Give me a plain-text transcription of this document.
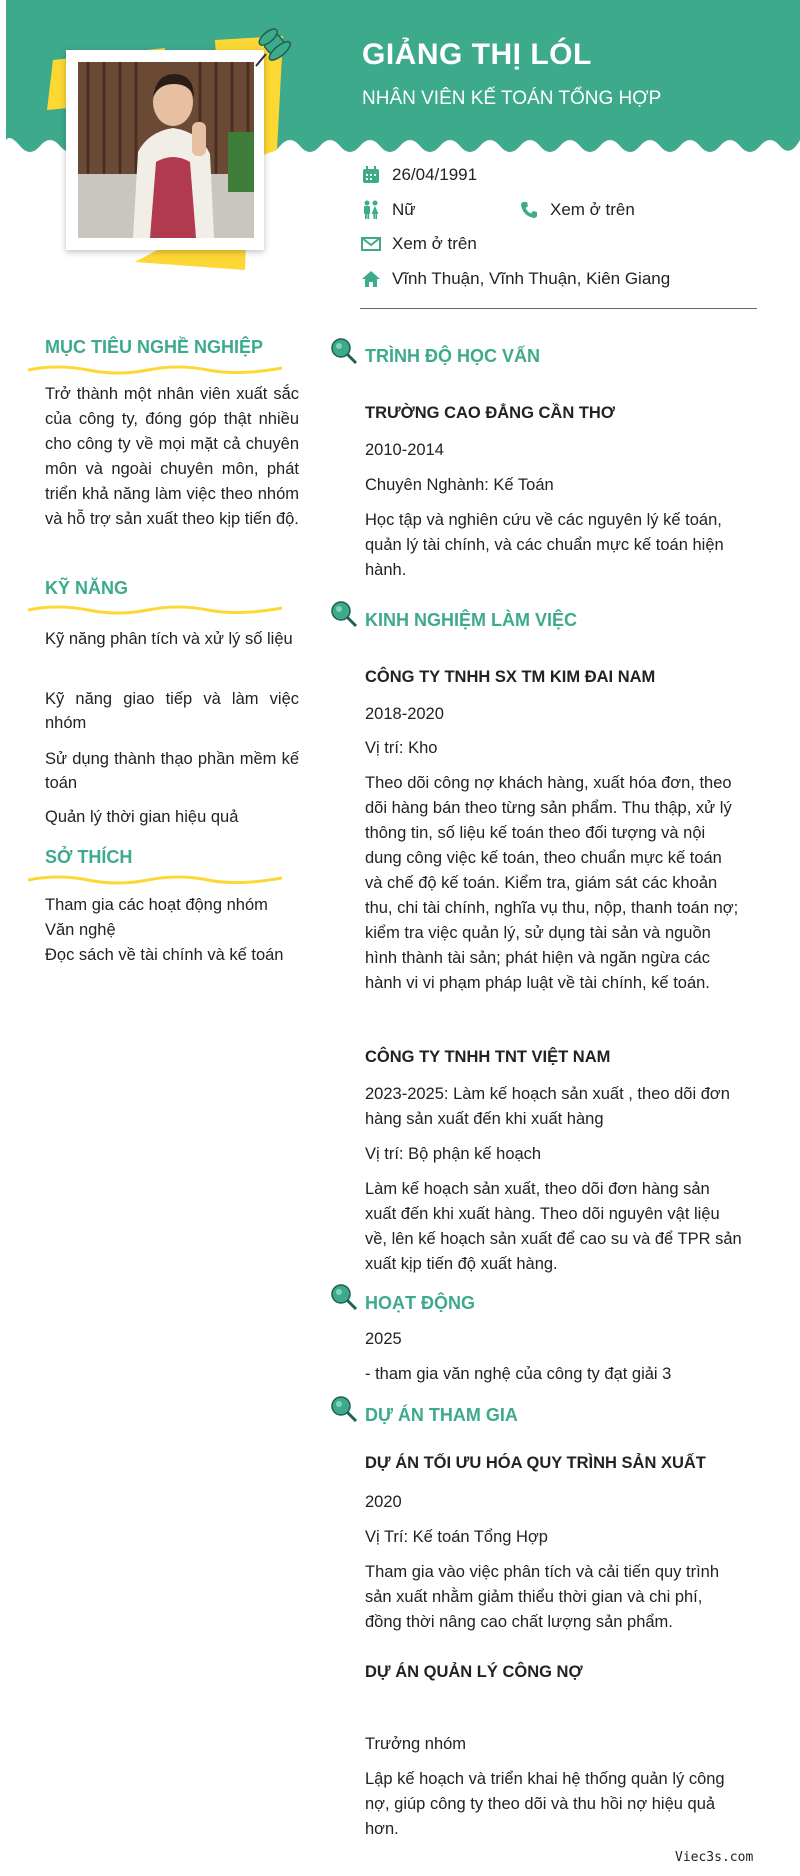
GIẢNG THỊ LÓL
NHÂN VIÊN KẾ TOÁN TỔNG HỢP
26/04/1991
Nữ	Xem ở trên
Xem ở trên
Vĩnh Thuận, Vĩnh Thuận, Kiên Giang
MỤC TIÊU NGHỀ NGHIỆP
Trở thành một nhân viên xuất sắc của công ty, đóng góp thật nhiều cho công ty về mọi mặt cả chuyên môn và ngoài chuyên môn, phát triển khả năng làm việc theo nhóm và hỗ trợ sản xuất theo kịp tiến độ.
KỸ NĂNG
Kỹ năng phân tích và xử lý số liệu
Kỹ năng giao tiếp và làm việc nhóm
Sử dụng thành thạo phần mềm kế toán
Quản lý thời gian hiệu quả
SỞ THÍCH
Tham gia các hoạt động nhóm
Văn nghệ
Đọc sách về tài chính và kế toán
TRÌNH ĐỘ HỌC VẤN
TRƯỜNG CAO ĐẲNG CẦN THƠ
2010-2014
Chuyên Nghành: Kế Toán
Học tập và nghiên cứu về các nguyên lý kế toán, quản lý tài chính, và các chuẩn mực kế toán hiện hành.
KINH NGHIỆM LÀM VIỆC
CÔNG TY TNHH SX TM KIM ĐAI NAM
2018-2020
Vị trí: Kho
Theo dõi công nợ khách hàng, xuất hóa đơn, theo dõi hàng bán theo từng sản phẩm. Thu thập, xử lý thông tin, số liệu kế toán theo đối tượng và nội dung công việc kế toán, theo chuẩn mực kế toán và chế độ kế toán. Kiểm tra, giám sát các khoản thu, chi tài chính, nghĩa vụ thu, nộp, thanh toán nợ; kiểm tra việc quản lý, sử dụng tài sản và nguồn hình thành tài sản; phát hiện và ngăn ngừa các hành vi vi phạm pháp luật về tài chính, kế toán.
CÔNG TY TNHH TNT VIỆT NAM
2023-2025: Làm kế hoạch sản xuất , theo dõi đơn hàng sản xuất đến khi xuất hàng
Vị trí: Bộ phận kế hoạch
Làm kế hoạch sản xuất, theo dõi đơn hàng sản xuất đến khi xuất hàng. Theo dõi nguyên vật liệu về, lên kế hoạch sản xuất để cao su và để TPR sản xuất kịp tiến độ xuất hàng.
HOẠT ĐỘNG
2025
- tham gia văn nghệ của công ty đạt giải 3
DỰ ÁN THAM GIA
DỰ ÁN TỐI ƯU HÓA QUY TRÌNH SẢN XUẤT
2020
Vị Trí: Kế toán Tổng Hợp
Tham gia vào việc phân tích và cải tiến quy trình sản xuất nhằm giảm thiểu thời gian và chi phí, đồng thời nâng cao chất lượng sản phẩm.
DỰ ÁN QUẢN LÝ CÔNG NỢ
Trưởng nhóm
Lập kế hoạch và triển khai hệ thống quản lý công nợ, giúp công ty theo dõi và thu hồi nợ hiệu quả hơn.
Viec3s.com
